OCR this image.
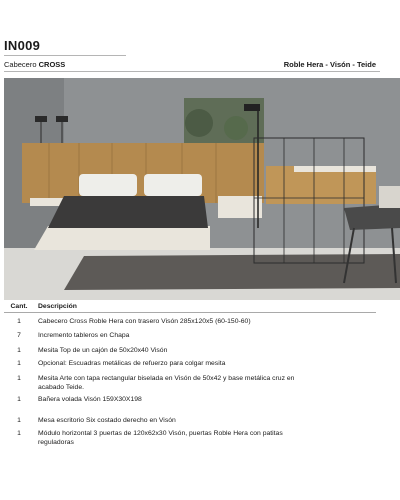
IN009
Cabecero CROSS	Roble Hera - Visón - Teide
Cant.	Descripción
1	Cabecero Cross Roble Hera con trasero Visón 285x120x5 (60-150-60)
7	Incremento tableros en Chapa
1	Mesita Top de un cajón de 50x20x40 Visón
1	Opcional: Escuadras metálicas de refuerzo para colgar mesita
1	Mesita Arte con tapa rectangular biselada en Visón de 50x42 y base metálica cruz en acabado Teide.
1	Bañera volada Visón 159X30X198
1	Mesa escritorio Six costado derecho en Visón
1	Módulo horizontal 3 puertas de 120x62x30 Visón, puertas Roble Hera con patitas reguladoras
